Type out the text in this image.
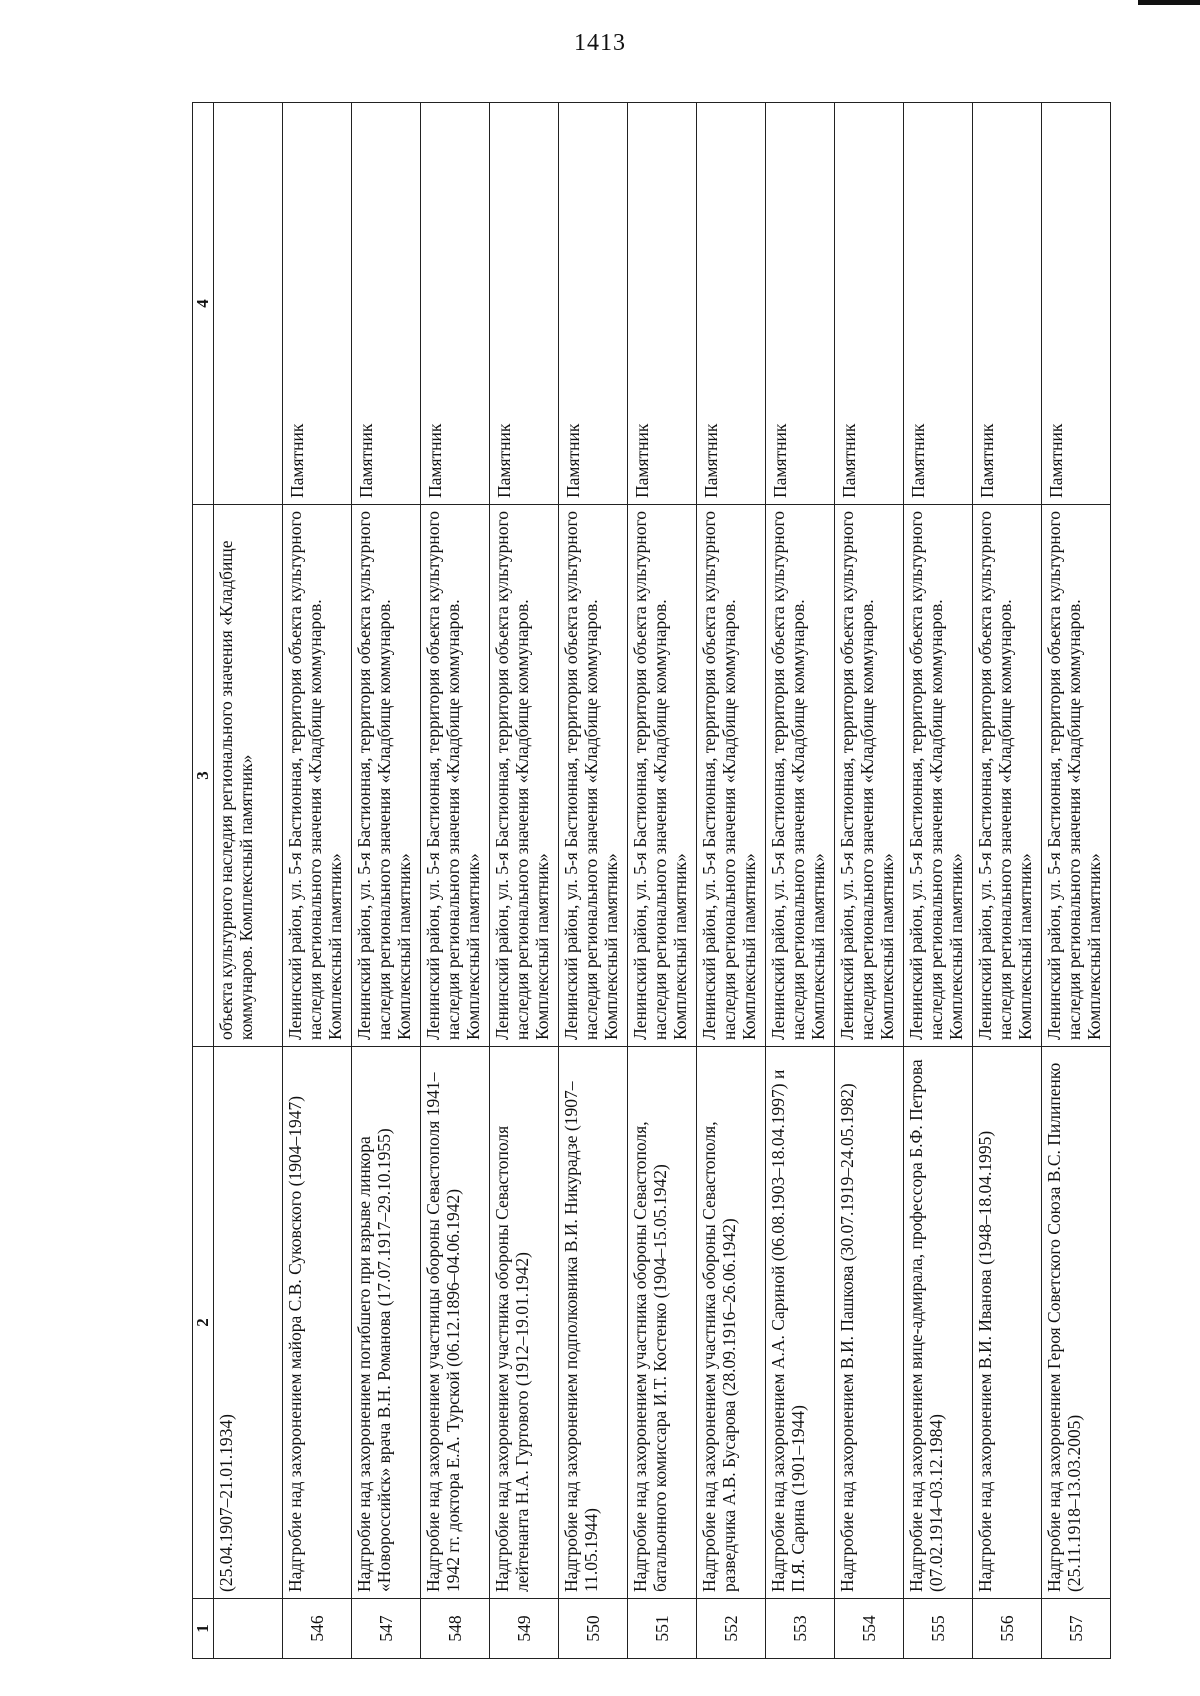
1413
1	2	3	4
	(25.04.1907–21.01.1934)	объекта культурного наследия регионального значения «Кладбище коммунаров. Комплексный памятник»	
546	Надгробие над захоронением майора С.В. Суковского (1904–1947)	Ленинский район, ул. 5-я Бастионная, территория объекта культурного наследия регионального значения «Кладбище коммунаров. Комплексный памятник»	Памятник
547	Надгробие над захоронением погибшего при взрыве линкора «Новороссийск» врача В.Н. Романова (17.07.1917–29.10.1955)	Ленинский район, ул. 5-я Бастионная, территория объекта культурного наследия регионального значения «Кладбище коммунаров. Комплексный памятник»	Памятник
548	Надгробие над захоронением участницы обороны Севастополя 1941–1942 гг. доктора Е.А. Турской (06.12.1896–04.06.1942)	Ленинский район, ул. 5-я Бастионная, территория объекта культурного наследия регионального значения «Кладбище коммунаров. Комплексный памятник»	Памятник
549	Надгробие над захоронением участника обороны Севастополя лейтенанта Н.А. Гуртового (1912–19.01.1942)	Ленинский район, ул. 5-я Бастионная, территория объекта культурного наследия регионального значения «Кладбище коммунаров. Комплексный памятник»	Памятник
550	Надгробие над захоронением подполковника В.И. Никурадзе (1907–11.05.1944)	Ленинский район, ул. 5-я Бастионная, территория объекта культурного наследия регионального значения «Кладбище коммунаров. Комплексный памятник»	Памятник
551	Надгробие над захоронением участника обороны Севастополя, батальонного комиссара И.Т. Костенко (1904–15.05.1942)	Ленинский район, ул. 5-я Бастионная, территория объекта культурного наследия регионального значения «Кладбище коммунаров. Комплексный памятник»	Памятник
552	Надгробие над захоронением участника обороны Севастополя, разведчика А.В. Бусарова (28.09.1916–26.06.1942)	Ленинский район, ул. 5-я Бастионная, территория объекта культурного наследия регионального значения «Кладбище коммунаров. Комплексный памятник»	Памятник
553	Надгробие над захоронением А.А. Сариной (06.08.1903–18.04.1997) и П.Я. Сарина (1901–1944)	Ленинский район, ул. 5-я Бастионная, территория объекта культурного наследия регионального значения «Кладбище коммунаров. Комплексный памятник»	Памятник
554	Надгробие над захоронением В.И. Пашкова (30.07.1919–24.05.1982)	Ленинский район, ул. 5-я Бастионная, территория объекта культурного наследия регионального значения «Кладбище коммунаров. Комплексный памятник»	Памятник
555	Надгробие над захоронением вице-адмирала, профессора Б.Ф. Петрова (07.02.1914–03.12.1984)	Ленинский район, ул. 5-я Бастионная, территория объекта культурного наследия регионального значения «Кладбище коммунаров. Комплексный памятник»	Памятник
556	Надгробие над захоронением В.И. Иванова (1948–18.04.1995)	Ленинский район, ул. 5-я Бастионная, территория объекта культурного наследия регионального значения «Кладбище коммунаров. Комплексный памятник»	Памятник
557	Надгробие над захоронением Героя Советского Союза В.С. Пилипенко (25.11.1918–13.03.2005)	Ленинский район, ул. 5-я Бастионная, территория объекта культурного наследия регионального значения «Кладбище коммунаров. Комплексный памятник»	Памятник
